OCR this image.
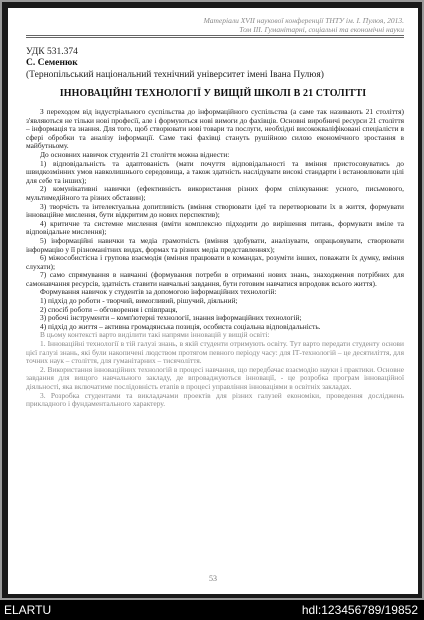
Матеріали XVII наукової конференції ТНТУ ім. І. Пулюя, 2013.
Том ІІІ. Гуманітарні, соціальні та економічні науки
УДК 531.374
С. Семенюк
(Тернопільський національний технічний університет імені Івана Пулюя)
ІННОВАЦІЙНІ ТЕХНОЛОГІЇ У ВИЩІЙ ШКОЛІ В 21 СТОЛІТТІ

З переходом від індустріального суспільства до інформаційного суспільства (а саме так називають 21 століття) з'являються не тільки нові професії, але і формуються нові вимоги до фахівців. Основні виробничі ресурси 21 століття – інформація та знання. Для того, щоб створювати нові товари та послуги, необхідні висококваліфіковані спеціалісти в сфері обробки та аналізу інформації. Саме такі фахівці стануть рушійною силою економічного зростання в майбутньому.

До основних навичок студентів 21 століття можна віднести:

1) відповідальність та адаптованість (мати почуття відповідальності та вміння пристосовуватись до швидкозмінних умов навколишнього середовища, а також здатність наслідувати високі стандарти і встановлювати цілі для себе та інших);

2) комунікативні навички (ефективність використання різних форм спілкування: усного, письмового, мультимедійного та різних обставин);

3) творчість та інтелектуальна допитливість (вміння створювати ідеї та перетворювати їх в життя, формувати інноваційне мислення, бути відкритим до нових перспектив);

4) критичне та системне мислення (вміти комплексно підходити до вирішення питань, формувати вміле та відповідальне мислення);

5) інформаційні навички та медіа грамотність (вміння здобувати, аналізувати, опрацьовувати, створювати інформацію у її різноманітних видах, формах та різних медіа представленнях);

6) міжособистісна і групова взаємодія (вміння працювати в командах, розуміти інших, поважати їх думку, вміння слухати);

7) само спрямування в навчанні (формування потреби в отриманні нових знань, знаходження потрібних для самонавчання ресурсів, здатність ставити навчальні завдання, бути готовим навчатися впродовж всього життя).

Формування навичок у студентів за допомогою інформаційних технологій:

1) підхід до роботи - творчий, вимогливий, рішучий, діяльний;

2) спосіб роботи – обговорення і співпраця,

3) робочі інструменти – комп'ютерні технології, знання інформаційних технологій;

4) підхід до життя – активна громадянська позиція, особиста соціальна відповідальність.

В цьому контексті варто виділити такі напрями інновацій у вищій освіті:

1. Інноваційні технології в тій галузі знань, в якій студенти отримують освіту. Тут варто передати студенту основи цієї галузі знань, які були накопичені людством протягом певного періоду часу: для ІТ-технологій – це десятиліття, для точних наук – століття, для гуманітарних – тисячоліття.

2. Використання інноваційних технологій в процесі навчання, що передбачає взаємодію науки і практики. Основне завдання для вищого навчального закладу, де впроваджуються інновації, - це розробка програм інноваційної діяльності, яка включатиме послідовність етапів в процесі управління інноваціями в освітніх закладах.

3. Розробка студентами та викладачами проектів для різних галузей економіки, проведення досліджень прикладного і фундаментального характеру.

53
ELARTU	hdl:123456789/19852
